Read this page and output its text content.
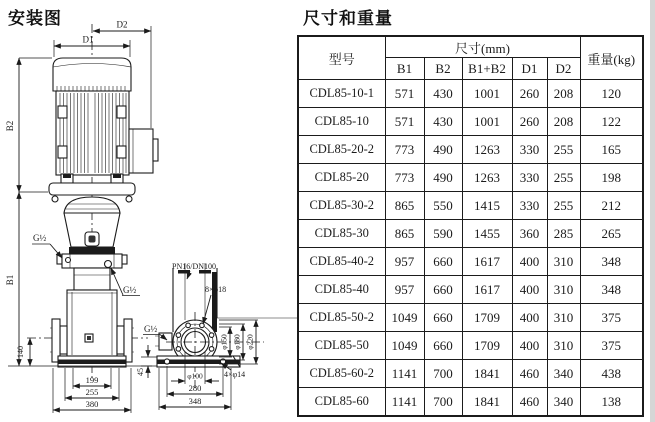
安装图	尺寸和重量
D2
D1
B2
B1
140
199
255
380
G½
G½
PN16/DN100
8×φ18
G½
45	φ100
280
348
φ150 φ180 φ220
4×φ14
型号	尺寸(mm)					重量(kg)
	B1	B2	B1+B2	D1	D2	
CDL85-10-1	571	430	1001	260	208	120
CDL85-10	571	430	1001	260	208	122
CDL85-20-2	773	490	1263	330	255	165
CDL85-20	773	490	1263	330	255	198
CDL85-30-2	865	550	1415	330	255	212
CDL85-30	865	590	1455	360	285	265
CDL85-40-2	957	660	1617	400	310	348
CDL85-40	957	660	1617	400	310	348
CDL85-50-2	1049	660	1709	400	310	375
CDL85-50	1049	660	1709	400	310	375
CDL85-60-2	1141	700	1841	460	340	438
CDL85-60	1141	700	1841	460	340	138
